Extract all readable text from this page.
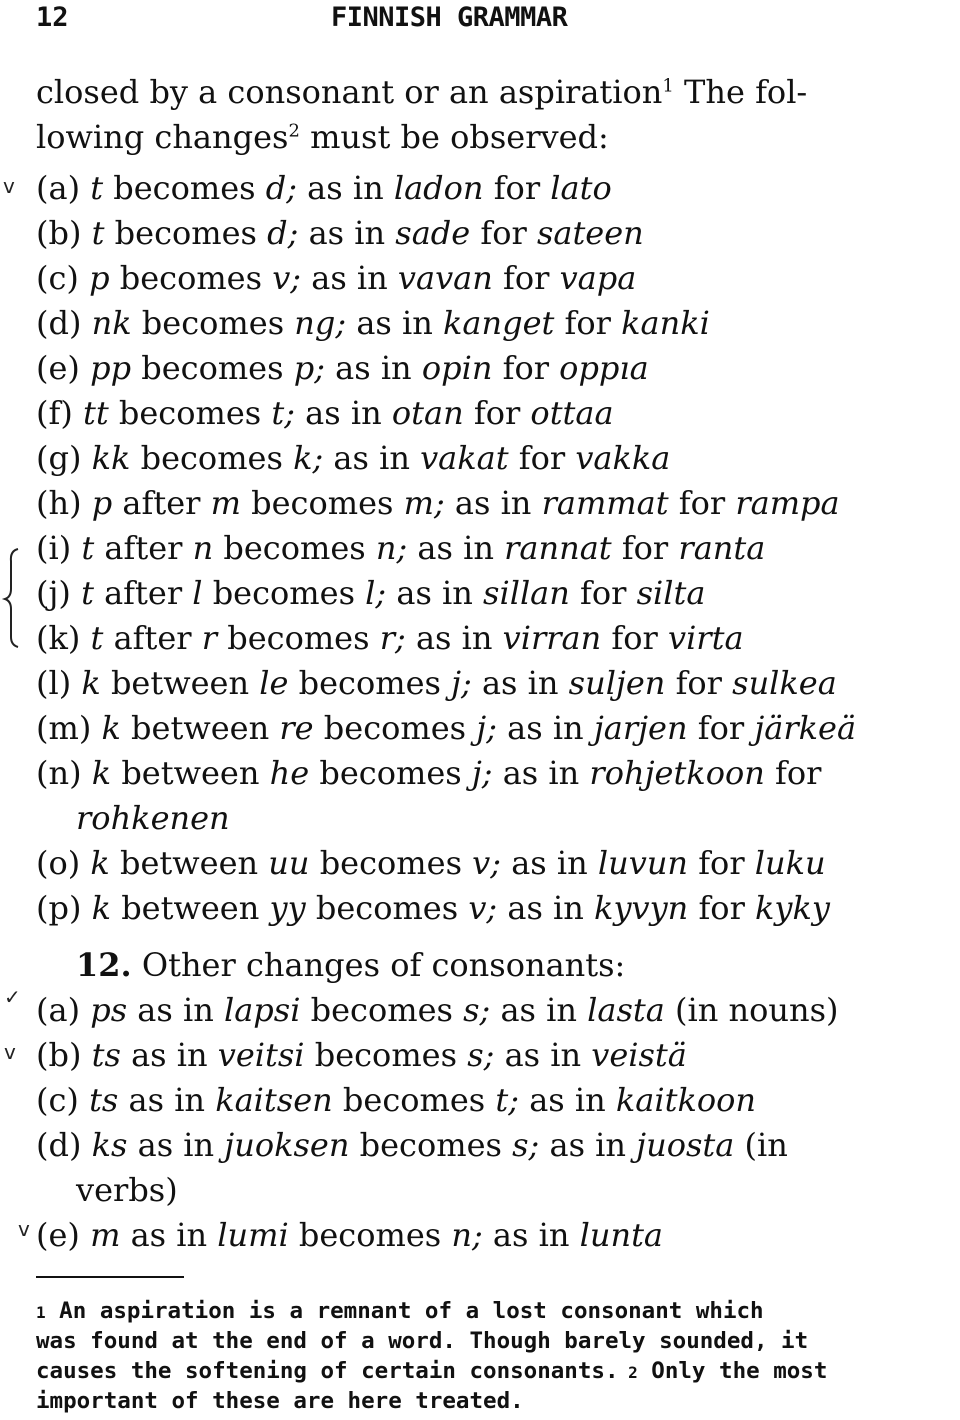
12	FINNISH GRAMMAR
closed by a consonant or an aspiration$^1$ The fol-
lowing changes$^2$ must be observed:
v
✓
v
v
(a) t becomes d; as in ladon for lato
(b) t becomes d; as in sade for sateen
(c) p becomes v; as in vavan for vapa
(d) nk becomes ng; as in kanget for kanki
(e) pp becomes p; as in opin for oppıa
(f) tt becomes t; as in otan for ottaa
(g) kk becomes k; as in vakat for vakka
(h) p after m becomes m; as in rammat for rampa
(i) t after n becomes n; as in rannat for ranta
(j) t after l becomes l; as in sillan for silta
(k) t after r becomes r; as in virran for virta
(l) k between le becomes j; as in suljen for sulkea
(m) k between re becomes j; as in jarjen for järkeä
(n) k between he becomes j; as in rohjetkoon for
rohkenen
(o) k between uu becomes v; as in luvun for luku
(p) k between yy becomes v; as in kyvyn for kyky
12. Other changes of consonants:
(a) ps as in lapsi becomes s; as in lasta (in nouns)
(b) ts as in veitsi becomes s; as in veistä
(c) ts as in kaitsen becomes t; as in kaitkoon
(d) ks as in juoksen becomes s; as in juosta (in
verbs)
(e) m as in lumi becomes n; as in lunta
1 An aspiration is a remnant of a lost consonant which
was found at the end of a word. Though barely sounded, it
causes the softening of certain consonants. 2 Only the most
important of these are here treated.
